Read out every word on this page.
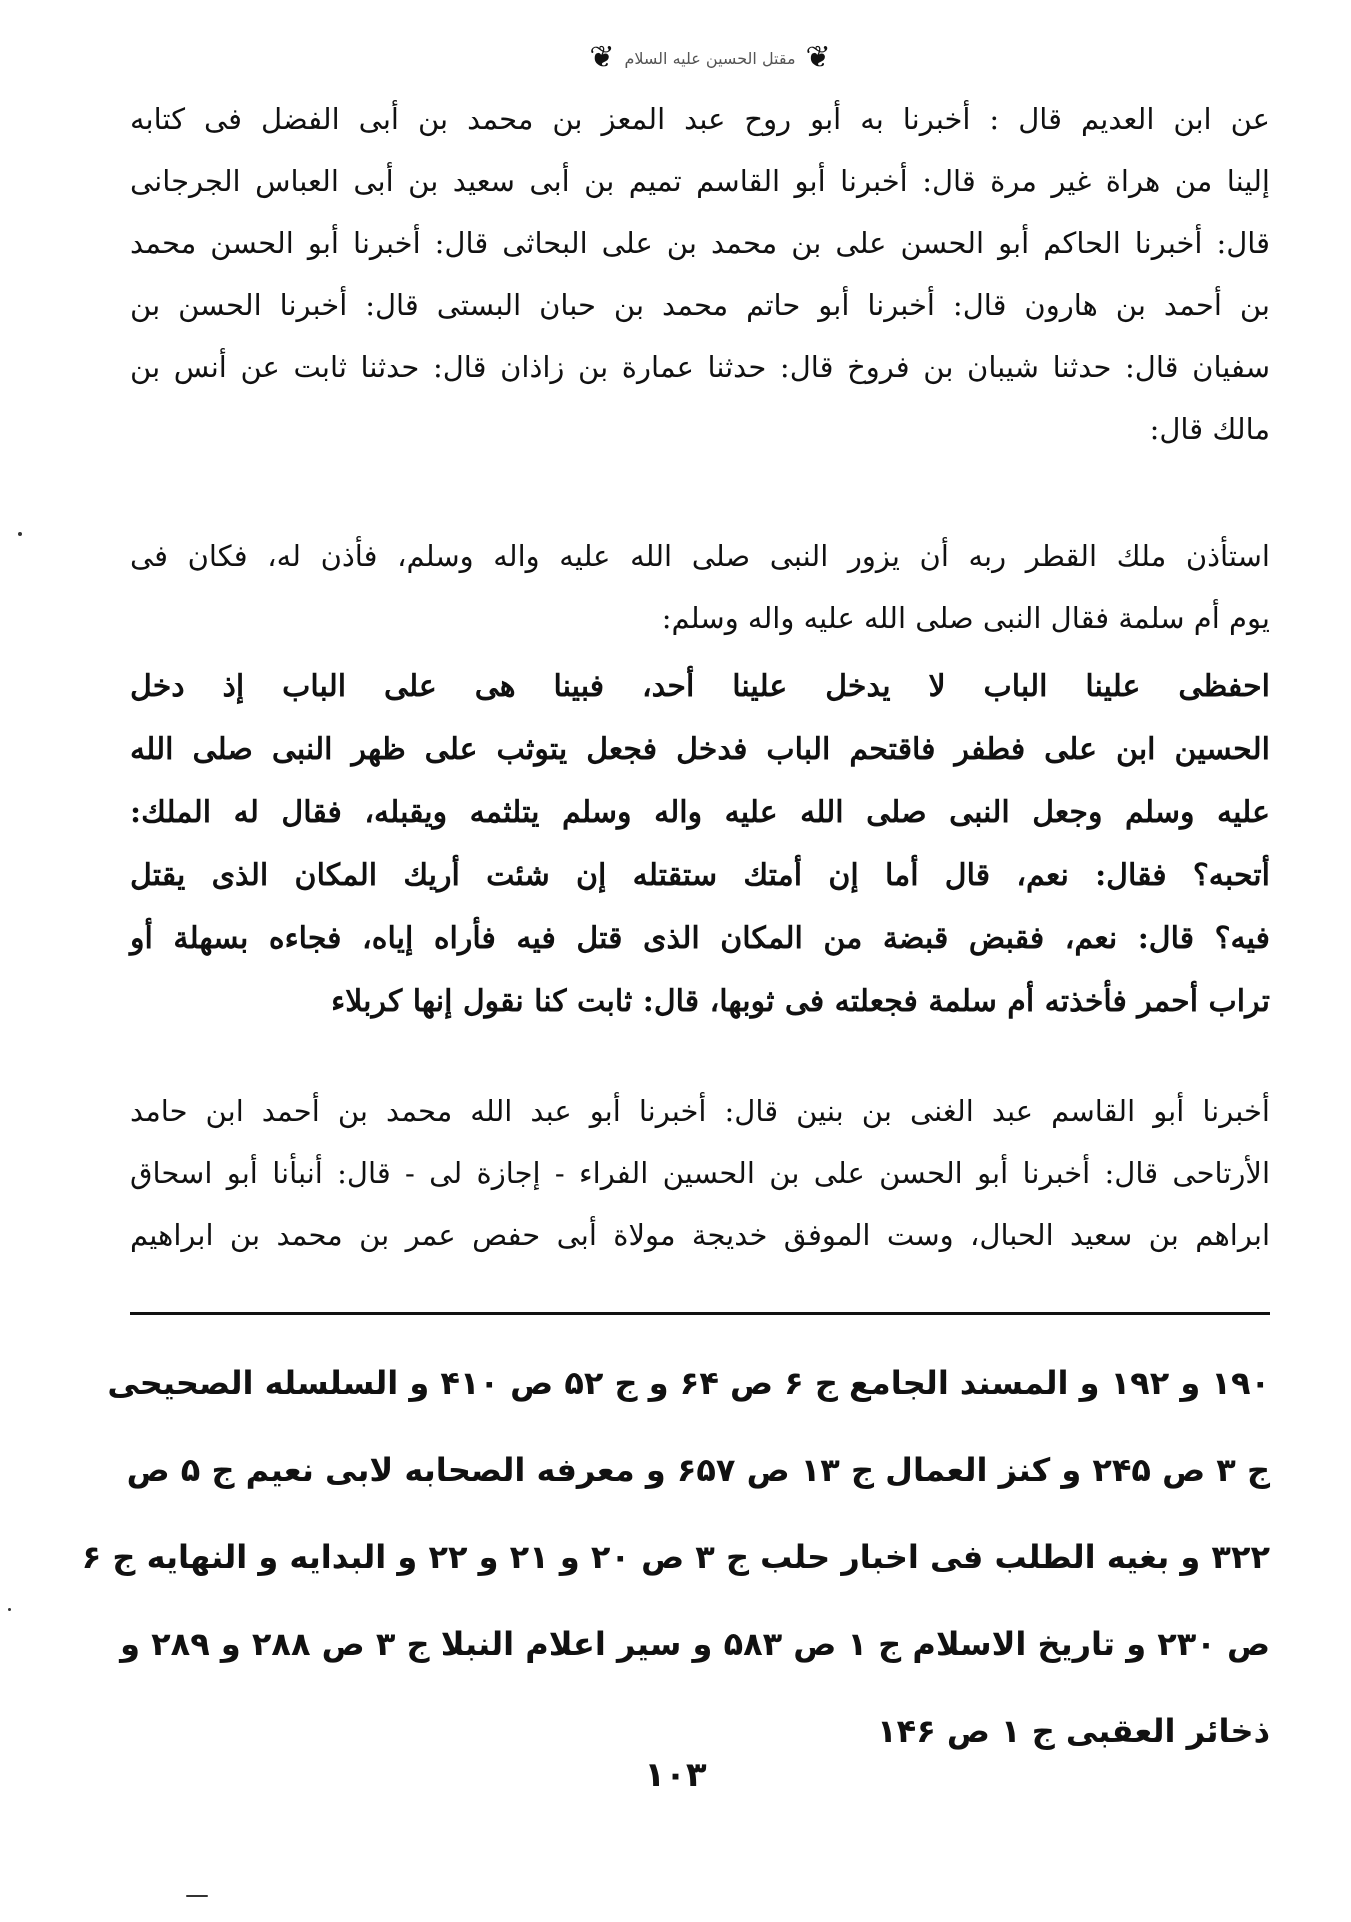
❦
مقتل الحسين عليه السلام
❦
عن ابن العديم قال : أخبرنا به أبو روح عبد المعز بن محمد بن أبى الفضل فى كتابه
إلينا من هراة غير مرة قال: أخبرنا أبو القاسم تميم بن أبى سعيد بن أبى العباس الجرجانى
قال: أخبرنا الحاكم أبو الحسن على بن محمد بن على البحاثى قال: أخبرنا أبو الحسن محمد
بن أحمد بن هارون قال: أخبرنا أبو حاتم محمد بن حبان البستى قال: أخبرنا الحسن بن
سفيان قال: حدثنا شيبان بن فروخ قال: حدثنا عمارة بن زاذان قال: حدثنا ثابت عن أنس بن
مالك قال:
استأذن ملك القطر ربه أن يزور النبى صلى الله عليه واله وسلم، فأذن له، فكان فى
يوم أم سلمة فقال النبى صلى الله عليه واله وسلم:
احفظى علينا الباب لا يدخل علينا أحد، فبينا هى على الباب إذ دخل
الحسين ابن على فطفر فاقتحم الباب فدخل فجعل يتوثب على ظهر النبى صلى الله
عليه وسلم وجعل النبى صلى الله عليه واله وسلم يتلثمه ويقبله، فقال له الملك:
أتحبه؟ فقال: نعم، قال أما إن أمتك ستقتله إن شئت أريك المكان الذى يقتل
فيه؟ قال: نعم، فقبض قبضة من المكان الذى قتل فيه فأراه إياه، فجاءه بسهلة أو
تراب أحمر فأخذته أم سلمة فجعلته فى ثوبها، قال: ثابت كنا نقول إنها كربلاء
أخبرنا أبو القاسم عبد الغنى بن بنين قال: أخبرنا أبو عبد الله محمد بن أحمد ابن حامد
الأرتاحى قال: أخبرنا أبو الحسن على بن الحسين الفراء - إجازة لى - قال: أنبأنا أبو اسحاق
ابراهم بن سعيد الحبال، وست الموفق خديجة مولاة أبى حفص عمر بن محمد بن ابراهيم
١٩٠ و ١٩٢ و المسند الجامع ج ۶ ص ۶۴ و ج ۵۲ ص ۴۱۰ و السلسله الصحيحى
ج ٣ ص ٢۴۵ و كنز العمال ج ١٣ ص ۶۵۷ و معرفه الصحابه لابى نعيم ج ۵ ص
٣٢٢ و بغيه الطلب فى اخبار حلب ج ٣ ص ٢٠ و ٢١ و ٢٢ و البدايه و النهايه ج ۶
ص ٢٣٠ و تاريخ الاسلام ج ١ ص ۵٨٣ و سير اعلام النبلا ج ٣ ص ٢٨٨ و ٢٨٩ و
ذخائر العقبى ج ١ ص ١۴۶
١٠٣
